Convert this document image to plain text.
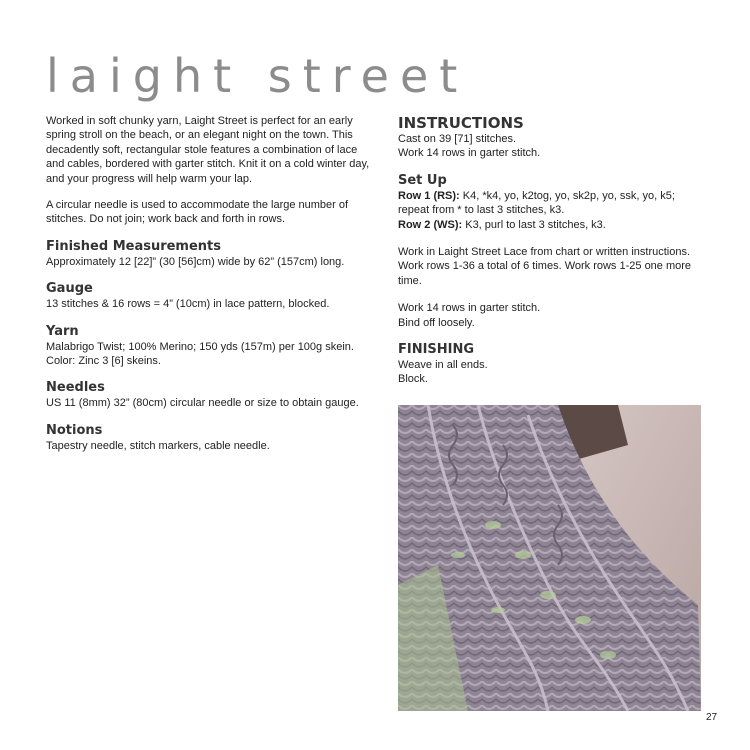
laight street

Worked in soft chunky yarn, Laight Street is perfect for an early spring stroll on the beach, or an elegant night on the town. This decadently soft, rectangular stole features a combination of lace and cables, bordered with garter stitch. Knit it on a cold winter day, and your progress will help warm your lap.

A circular needle is used to accommodate the large number of stitches. Do not join; work back and forth in rows.

Finished Measurements

Approximately 12 [22]” (30 [56]cm) wide by 62” (157cm) long.

Gauge

13 stitches & 16 rows = 4” (10cm) in lace pattern, blocked.

Yarn

Malabrigo Twist; 100% Merino; 150 yds (157m) per 100g skein. Color: Zinc 3 [6] skeins.

Needles

US 11 (8mm) 32” (80cm) circular needle or size to obtain gauge.

Notions

Tapestry needle, stitch markers, cable needle.

INSTRUCTIONS

Cast on 39 [71] stitches.

Work 14 rows in garter stitch.

Set Up

Row 1 (RS): K4, *k4, yo, k2tog, yo, sk2p, yo, ssk, yo, k5; repeat from * to last 3 stitches, k3.

Row 2 (WS): K3, purl to last 3 stitches, k3.

Work in Laight Street Lace from chart or written instructions. Work rows 1-36 a total of 6 times. Work rows 1-25 one more time.

Work 14 rows in garter stitch.

Bind off loosely.

FINISHING

Weave in all ends.

Block.

27
